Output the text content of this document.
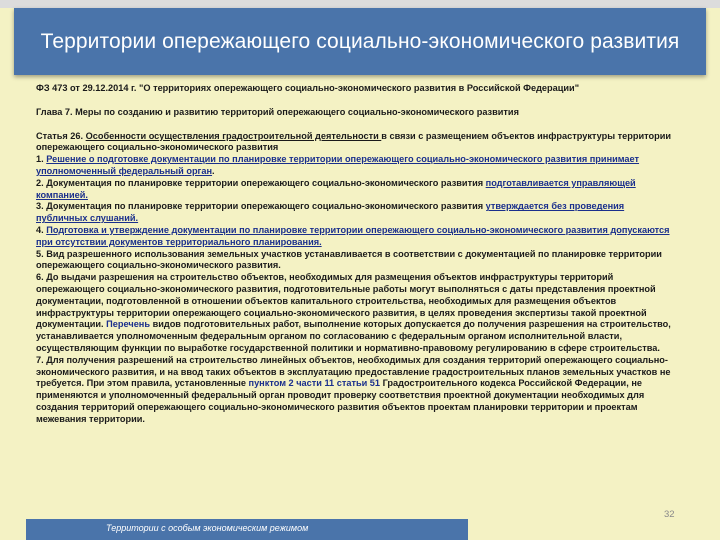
Территории опережающего социально-экономического развития

ФЗ 473 от 29.12.2014 г. "О территориях опережающего социально-экономического развития в Российской Федерации"

Глава 7. Меры по созданию и развитию территорий опережающего социально-экономического развития

Статья 26. Особенности осуществления градостроительной деятельности в связи с размещением объектов инфраструктуры территории опережающего социально-экономического развития

1. Решение о подготовке документации по планировке территории опережающего социально-экономического развития принимает уполномоченный федеральный орган.

2. Документация по планировке территории опережающего социально-экономического развития подготавливается управляющей компанией.

3. Документация по планировке территории опережающего социально-экономического развития утверждается без проведения публичных слушаний.

4. Подготовка и утверждение документации по планировке территории опережающего социально-экономического развития допускаются при отсутствии документов территориального планирования.

5. Вид разрешенного использования земельных участков устанавливается в соответствии с документацией по планировке территории опережающего социально-экономического развития.

6. До выдачи разрешения на строительство объектов, необходимых для размещения объектов инфраструктуры территорий опережающего социально-экономического развития, подготовительные работы могут выполняться с даты представления проектной документации, подготовленной в отношении объектов капитального строительства, необходимых для размещения объектов инфраструктуры территории опережающего социально-экономического развития, в целях проведения экспертизы такой проектной документации. Перечень видов подготовительных работ, выполнение которых допускается до получения разрешения на строительство, устанавливается уполномоченным федеральным органом по согласованию с федеральным органом исполнительной власти, осуществляющим функции по выработке государственной политики и нормативно-правовому регулированию в сфере строительства.

7. Для получения разрешений на строительство линейных объектов, необходимых для создания территорий опережающего социально-экономического развития, и на ввод таких объектов в эксплуатацию предоставление градостроительных планов земельных участков не требуется. При этом правила, установленные пунктом 2 части 11 статьи 51 Градостроительного кодекса Российской Федерации, не применяются и уполномоченный федеральный орган проводит проверку соответствия проектной документации необходимых для создания территорий опережающего социально-экономического развития объектов проектам планировки территории и проектам межевания территории.

32
Территории с особым экономическим режимом
